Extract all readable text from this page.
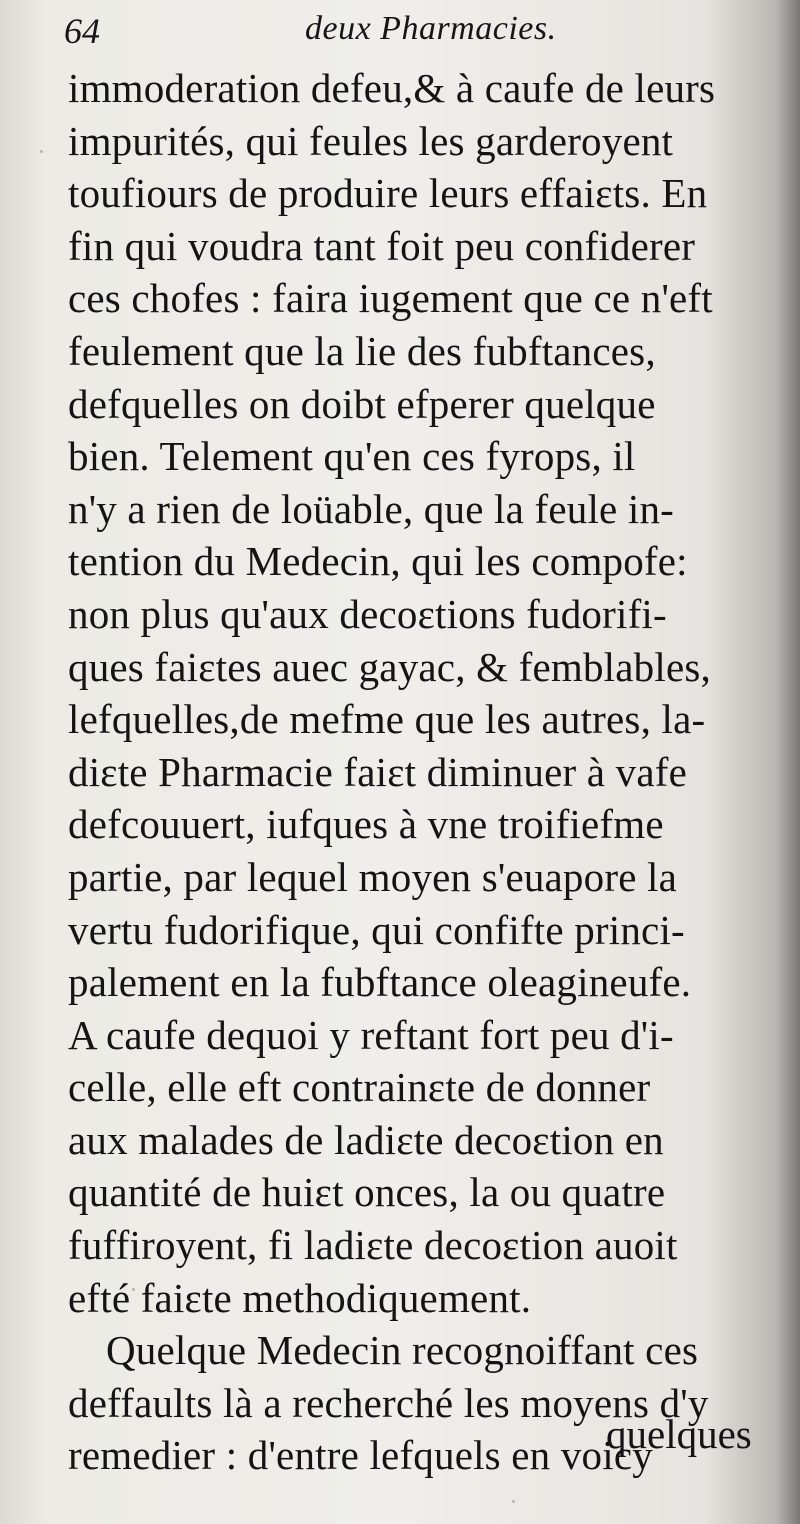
64	deux Pharmacies.
immoderation defeu,& à caufe de leurs
impurités, qui feules les garderoyent
toufiours de produire leurs effaiɛts. En
fin qui voudra tant foit peu confiderer
ces chofes : faira iugement que ce n'eft
feulement que la lie des fubftances,
defquelles on doibt efperer quelque
bien. Telement qu'en ces fyrops, il
n'y a rien de loüable, que la feule in-
tention du Medecin, qui les compofe:
non plus qu'aux decoɛtions fudorifi-
ques faiɛtes auec gayac, & femblables,
lefquelles,de mefme que les autres, la-
diɛte Pharmacie faiɛt diminuer à vafe
defcouuert, iufques à vne troifiefme
partie, par lequel moyen s'euapore la
vertu fudorifique, qui confifte princi-
palement en la fubftance oleagineufe.
A caufe dequoi y reftant fort peu d'i-
celle, elle eft contrainɛte de donner
aux malades de ladiɛte decoɛtion en
quantité de huiɛt onces, la ou quatre
fuffiroyent, fi ladiɛte decoɛtion auoit
efté faiɛte methodiquement.
Quelque Medecin recognoiffant ces
deffaults là a recherché les moyens d'y
remedier : d'entre lefquels en voicy
quelques
